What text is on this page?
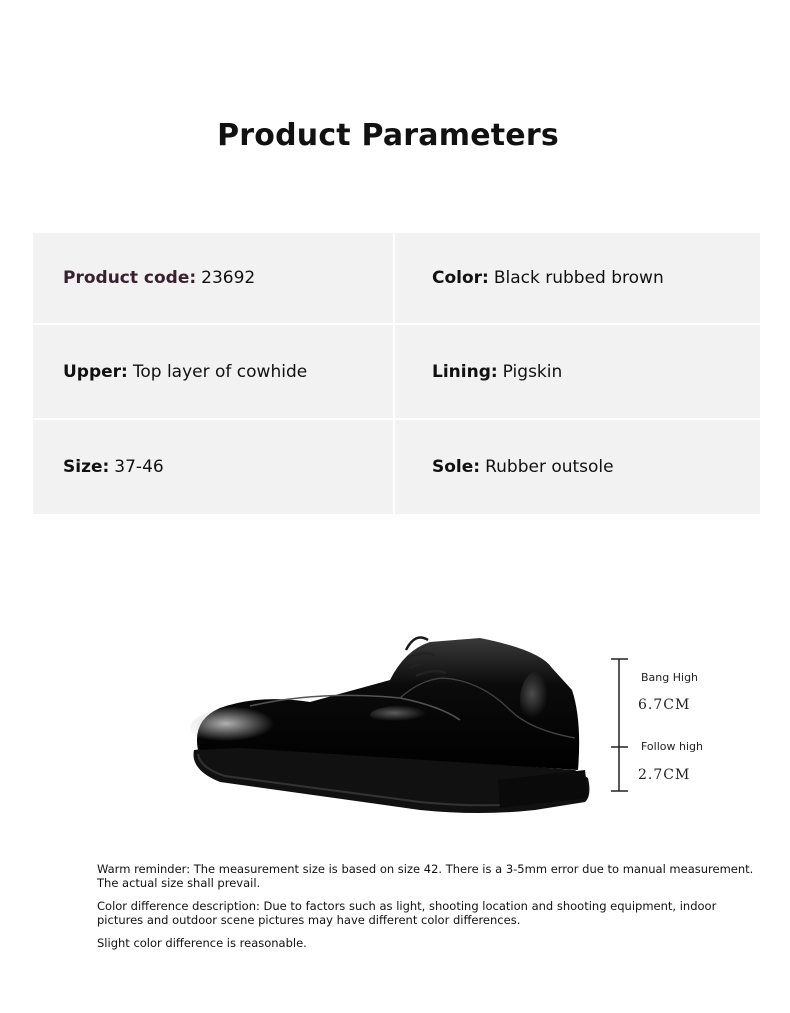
Product Parameters
Product code: 23692	Color: Black rubbed brown
Upper: Top layer of cowhide	Lining: Pigskin
Size: 37-46	Sole: Rubber outsole
Bang High
6.7CM
Follow high
2.7CM

Warm reminder: The measurement size is based on size 42. There is a 3-5mm error due to manual measurement. The actual size shall prevail.

Color difference description: Due to factors such as light, shooting location and shooting equipment, indoor pictures and outdoor scene pictures may have different color differences.

Slight color difference is reasonable.
